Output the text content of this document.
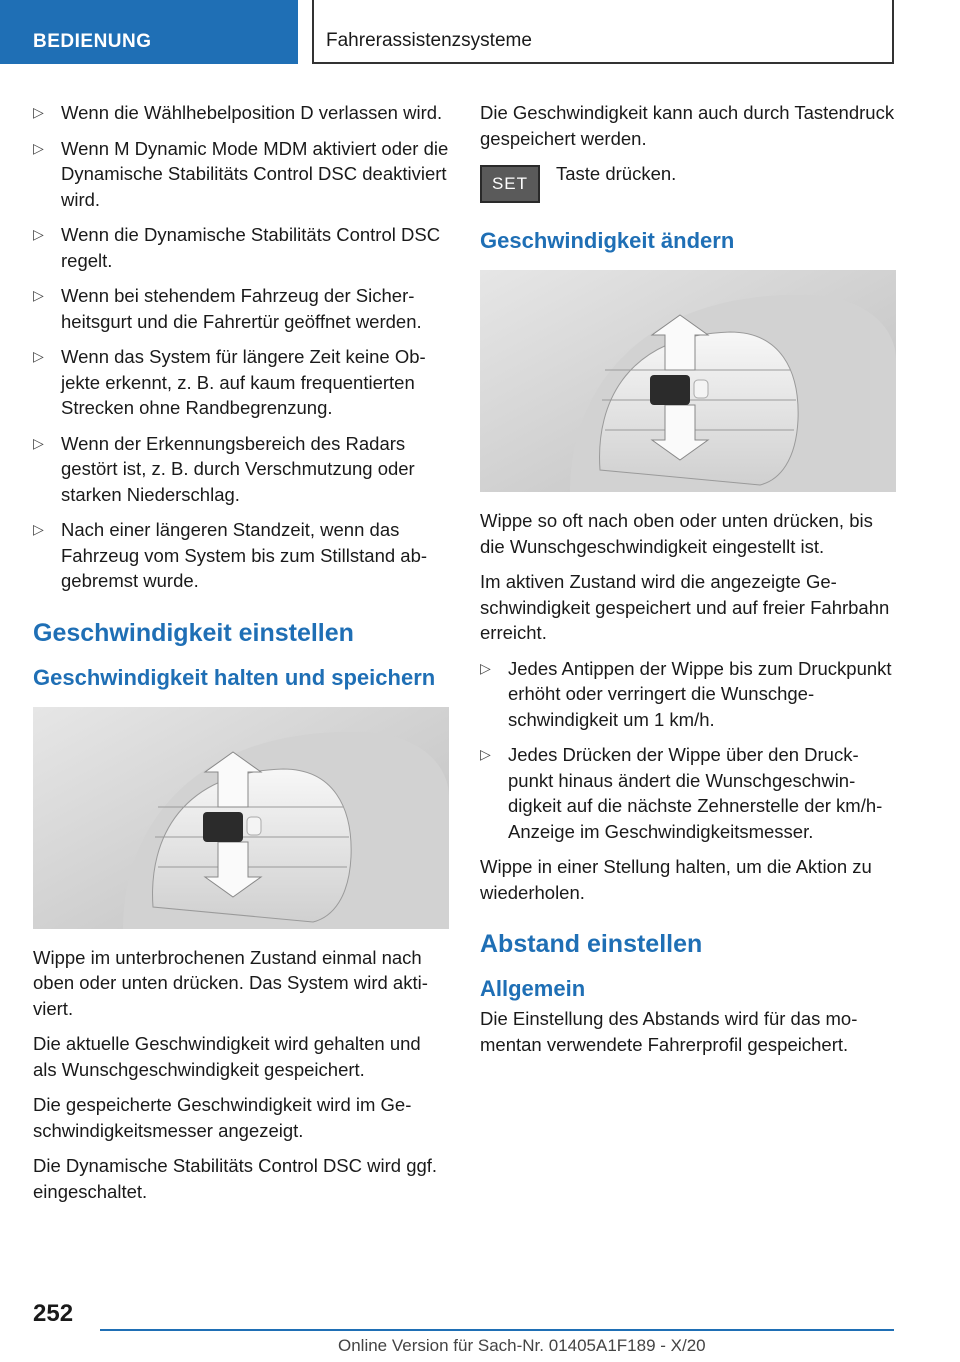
BEDIENUNG	Fahrerassistenzsysteme
▷ Wenn die Wählhebelposition D verlassen wird.
▷ Wenn M Dynamic Mode MDM aktiviert oder die Dynamische Stabilitäts Control DSC deaktiviert wird.
▷ Wenn die Dynamische Stabilitäts Control DSC regelt.
▷ Wenn bei stehendem Fahrzeug der Sicherheitsgurt und die Fahrertür geöffnet werden.
▷ Wenn das System für längere Zeit keine Objekte erkennt, z. B. auf kaum frequentierten Strecken ohne Randbegrenzung.
▷ Wenn der Erkennungsbereich des Radars gestört ist, z. B. durch Verschmutzung oder starken Niederschlag.
▷ Nach einer längeren Standzeit, wenn das Fahrzeug vom System bis zum Stillstand abgebremst wurde.
Geschwindigkeit einstellen
Geschwindigkeit halten und speichern

Wippe im unterbrochenen Zustand einmal nach oben oder unten drücken. Das System wird aktiviert.

Die aktuelle Geschwindigkeit wird gehalten und als Wunschgeschwindigkeit gespeichert.

Die gespeicherte Geschwindigkeit wird im Geschwindigkeitsmesser angezeigt.

Die Dynamische Stabilitäts Control DSC wird ggf. eingeschaltet.

Die Geschwindigkeit kann auch durch Tastendruck gespeichert werden.

SET	Taste drücken.
Geschwindigkeit ändern

Wippe so oft nach oben oder unten drücken, bis die Wunschgeschwindigkeit eingestellt ist.

Im aktiven Zustand wird die angezeigte Geschwindigkeit gespeichert und auf freier Fahrbahn erreicht.

▷ Jedes Antippen der Wippe bis zum Druckpunkt erhöht oder verringert die Wunschgeschwindigkeit um 1 km/h.
▷ Jedes Drücken der Wippe über den Druckpunkt hinaus ändert die Wunschgeschwindigkeit auf die nächste Zehnerstelle der km/h-Anzeige im Geschwindigkeitsmesser.

Wippe in einer Stellung halten, um die Aktion zu wiederholen.

Abstand einstellen
Allgemein

Die Einstellung des Abstands wird für das momentan verwendete Fahrerprofil gespeichert.

252
Online Version für Sach-Nr. 01405A1F189 - X/20
